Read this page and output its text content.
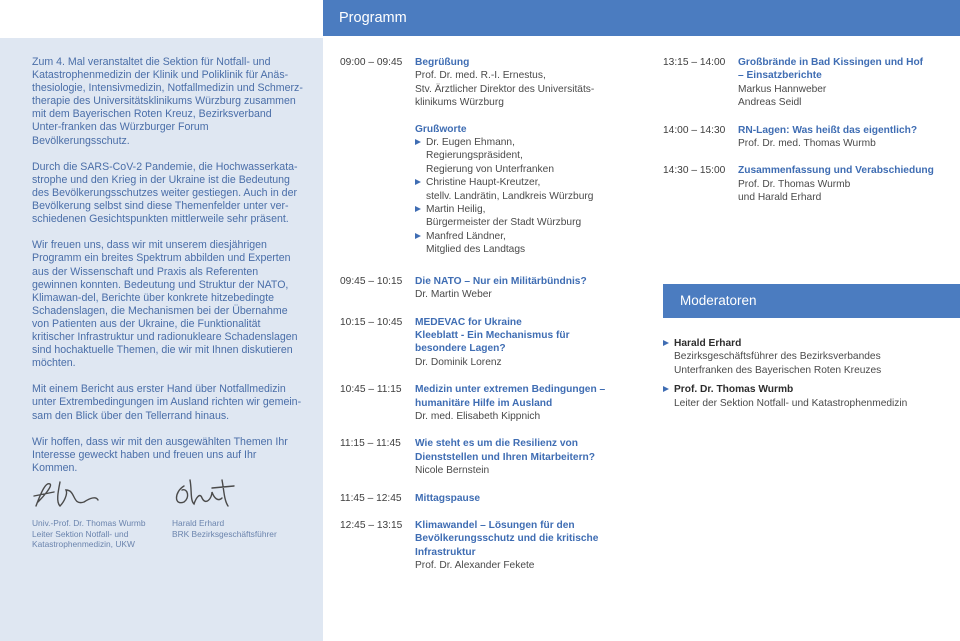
Zum 4. Mal veranstaltet die Sektion für Notfall- und Katastrophenmedizin der Klinik und Poliklinik für Anäs-thesiologie, Intensivmedizin, Notfallmedizin und Schmerz-therapie des Universitätsklinikums Würzburg zusammen mit dem Bayerischen Roten Kreuz, Bezirksverband Unter-franken das Würzburger Forum Bevölkerungsschutz.

Durch die SARS-CoV-2 Pandemie, die Hochwasserkata-strophe und den Krieg in der Ukraine ist die Bedeutung des Bevölkerungsschutzes weiter gestiegen. Auch in der Bevölkerung selbst sind diese Themenfelder unter ver-schiedenen Gesichtspunkten mittlerweile sehr präsent.

Wir freuen uns, dass wir mit unserem diesjährigen Programm ein breites Spektrum abbilden und Experten aus der Wissenschaft und Praxis als Referenten gewinnen konnten. Bedeutung und Struktur der NATO, Klimawan-del, Berichte über konkrete hitzebedingte Schadenslagen, die Mechanismen bei der Übernahme von Patienten aus der Ukraine, die Funktionalität kritischer Infrastruktur und radionukleare Schadenslagen sind hochaktuelle Themen, die wir mit Ihnen diskutieren möchten.

Mit einem Bericht aus erster Hand über Notfallmedizin unter Extrembedingungen im Ausland richten wir gemein-sam den Blick über den Tellerrand hinaus.

Wir hoffen, dass wir mit den ausgewählten Themen Ihr Interesse geweckt haben und freuen uns auf Ihr Kommen.

Univ.-Prof. Dr. Thomas Wurmb
Leiter Sektion Notfall- und
Katastrophenmedizin, UKW
Harald Erhard
BRK Bezirksgeschäftsführer
Programm
09:00 – 09:45	Begrüßung
Prof. Dr. med. R.-I. Ernestus,
Stv. Ärztlicher Direktor des Universitäts-
klinikums Würzburg
Grußworte
Dr. Eugen Ehmann,
Regierungspräsident,
Regierung von Unterfranken
Christine Haupt-Kreutzer,
stellv. Landrätin, Landkreis Würzburg
Martin Heilig,
Bürgermeister der Stadt Würzburg
Manfred Ländner,
Mitglied des Landtags
09:45 – 10:15	Die NATO – Nur ein Militärbündnis?
Dr. Martin Weber
10:15 – 10:45	MEDEVAC for Ukraine
Kleeblatt - Ein Mechanismus für
besondere Lagen?
Dr. Dominik Lorenz
10:45 – 11:15	Medizin unter extremen Bedingungen –
humanitäre Hilfe im Ausland
Dr. med. Elisabeth Kippnich
11:15 – 11:45	Wie steht es um die Resilienz von
Dienststellen und Ihren Mitarbeitern?
Nicole Bernstein
11:45 – 12:45	Mittagspause
12:45 – 13:15	Klimawandel – Lösungen für den
Bevölkerungsschutz und die kritische
Infrastruktur
Prof. Dr. Alexander Fekete
13:15 – 14:00	Großbrände in Bad Kissingen und Hof
– Einsatzberichte
Markus Hannweber
Andreas Seidl
14:00 – 14:30	RN-Lagen: Was heißt das eigentlich?
Prof. Dr. med. Thomas Wurmb
14:30 – 15:00	Zusammenfassung und Verabschiedung
Prof. Dr. Thomas Wurmb
und Harald Erhard
Moderatoren
Harald Erhard
Bezirksgeschäftsführer des Bezirksverbandes
Unterfranken des Bayerischen Roten Kreuzes
Prof. Dr. Thomas Wurmb
Leiter der Sektion Notfall- und Katastrophenmedizin
